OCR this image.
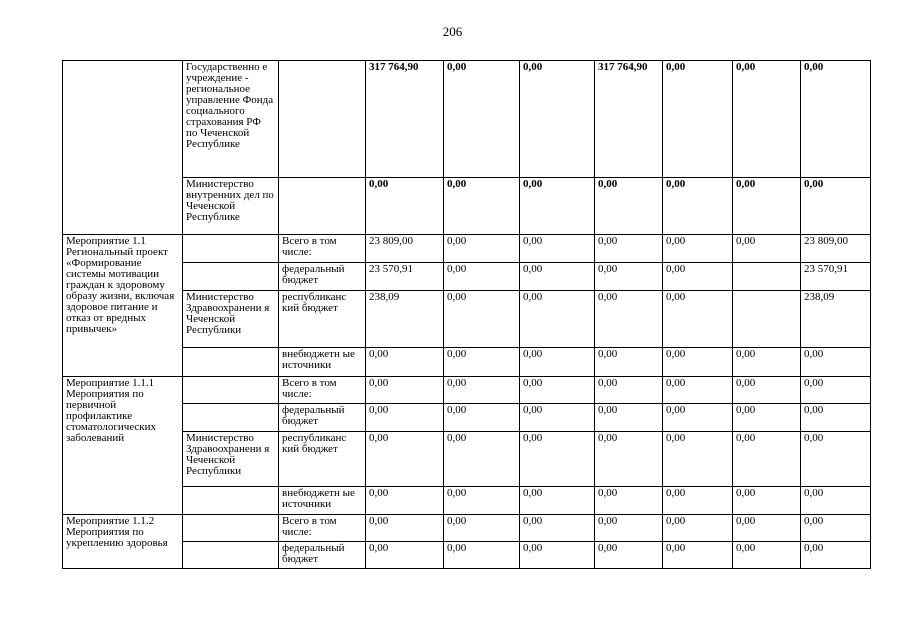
206
	Государственно е учреждение - региональное управление Фонда социального страхования РФ по Чеченской Республике		317 764,90	0,00	0,00	317 764,90	0,00	0,00	0,00
	Министерство внутренних дел по Чеченской Республике		0,00	0,00	0,00	0,00	0,00	0,00	0,00
Мероприятие 1.1 Региональный проект «Формирование системы мотивации граждан к здоровому образу жизни, включая здоровое питание и отказ от вредных привычек»		Всего в том числе:	23 809,00	0,00	0,00	0,00	0,00	0,00	23 809,00
		федеральный бюджет	23 570,91	0,00	0,00	0,00	0,00		23 570,91
	Министерство Здравоохранени я Чеченской Республики	республиканс кий бюджет	238,09	0,00	0,00	0,00	0,00		238,09
		внебюджетн ые источники	0,00	0,00	0,00	0,00	0,00	0,00	0,00
Мероприятие 1.1.1 Мероприятия по первичной профилактике стоматологических заболеваний		Всего в том числе:	0,00	0,00	0,00	0,00	0,00	0,00	0,00
		федеральный бюджет	0,00	0,00	0,00	0,00	0,00	0,00	0,00
	Министерство Здравоохранени я Чеченской Республики	республиканс кий бюджет	0,00	0,00	0,00	0,00	0,00	0,00	0,00
		внебюджетн ые источники	0,00	0,00	0,00	0,00	0,00	0,00	0,00
Мероприятие 1.1.2 Мероприятия по укреплению здоровья		Всего в том числе:	0,00	0,00	0,00	0,00	0,00	0,00	0,00
		федеральный бюджет	0,00	0,00	0,00	0,00	0,00	0,00	0,00
